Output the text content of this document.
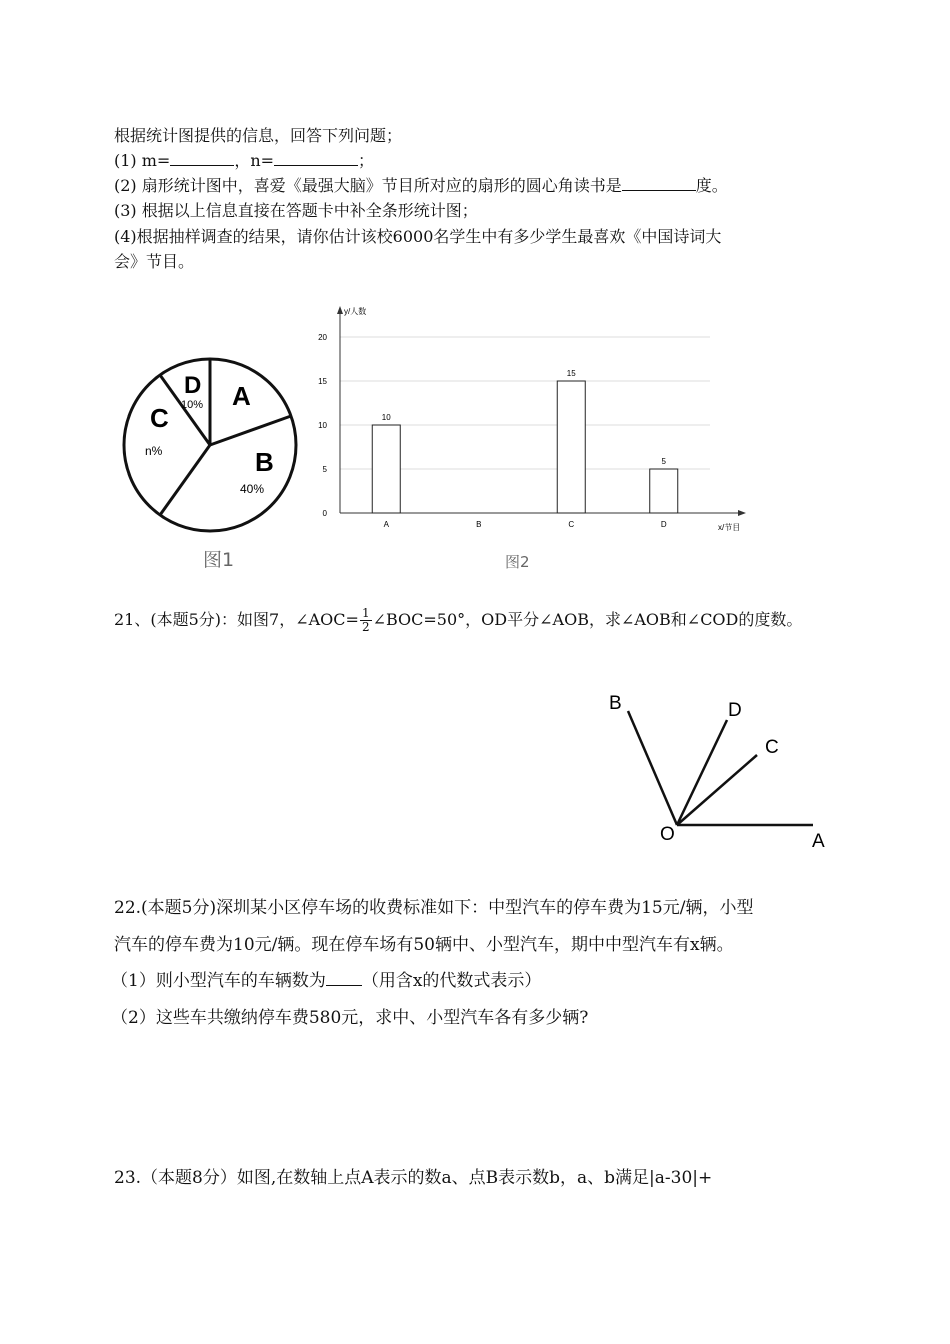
根据统计图提供的信息，回答下列问题；
(1) m=	，n=	；
(2) 扇形统计图中，喜爱《最强大脑》节目所对应的扇形的圆心角读书是	度。
(3) 根据以上信息直接在答题卡中补全条形统计图；
(4)根据抽样调查的结果，请你估计该校6000名学生中有多少学生最喜欢《中国诗词大
会》节目。
A
B
40%
C
n%
D
10%
图1
y/人数
x/节目
0
5
10
15
20
10
A	B
15
C
5
D
图2
21、(本题5分)：如图7，∠AOC= $\frac{1}{2}$ ∠BOC=50°，OD平分∠AOB，求∠AOB和∠COD的度数。
B	D
C
O	A
22.(本题5分)深圳某小区停车场的收费标准如下：中型汽车的停车费为15元/辆，小型
汽车的停车费为10元/辆。现在停车场有50辆中、小型汽车，期中中型汽车有x辆。
（1）则小型汽车的车辆数为 （用含x的代数式表示）
（2）这些车共缴纳停车费580元，求中、小型汽车各有多少辆?
23.（本题8分）如图,在数轴上点A表示的数a、点B表示数b，a、b满足|a-30|+
